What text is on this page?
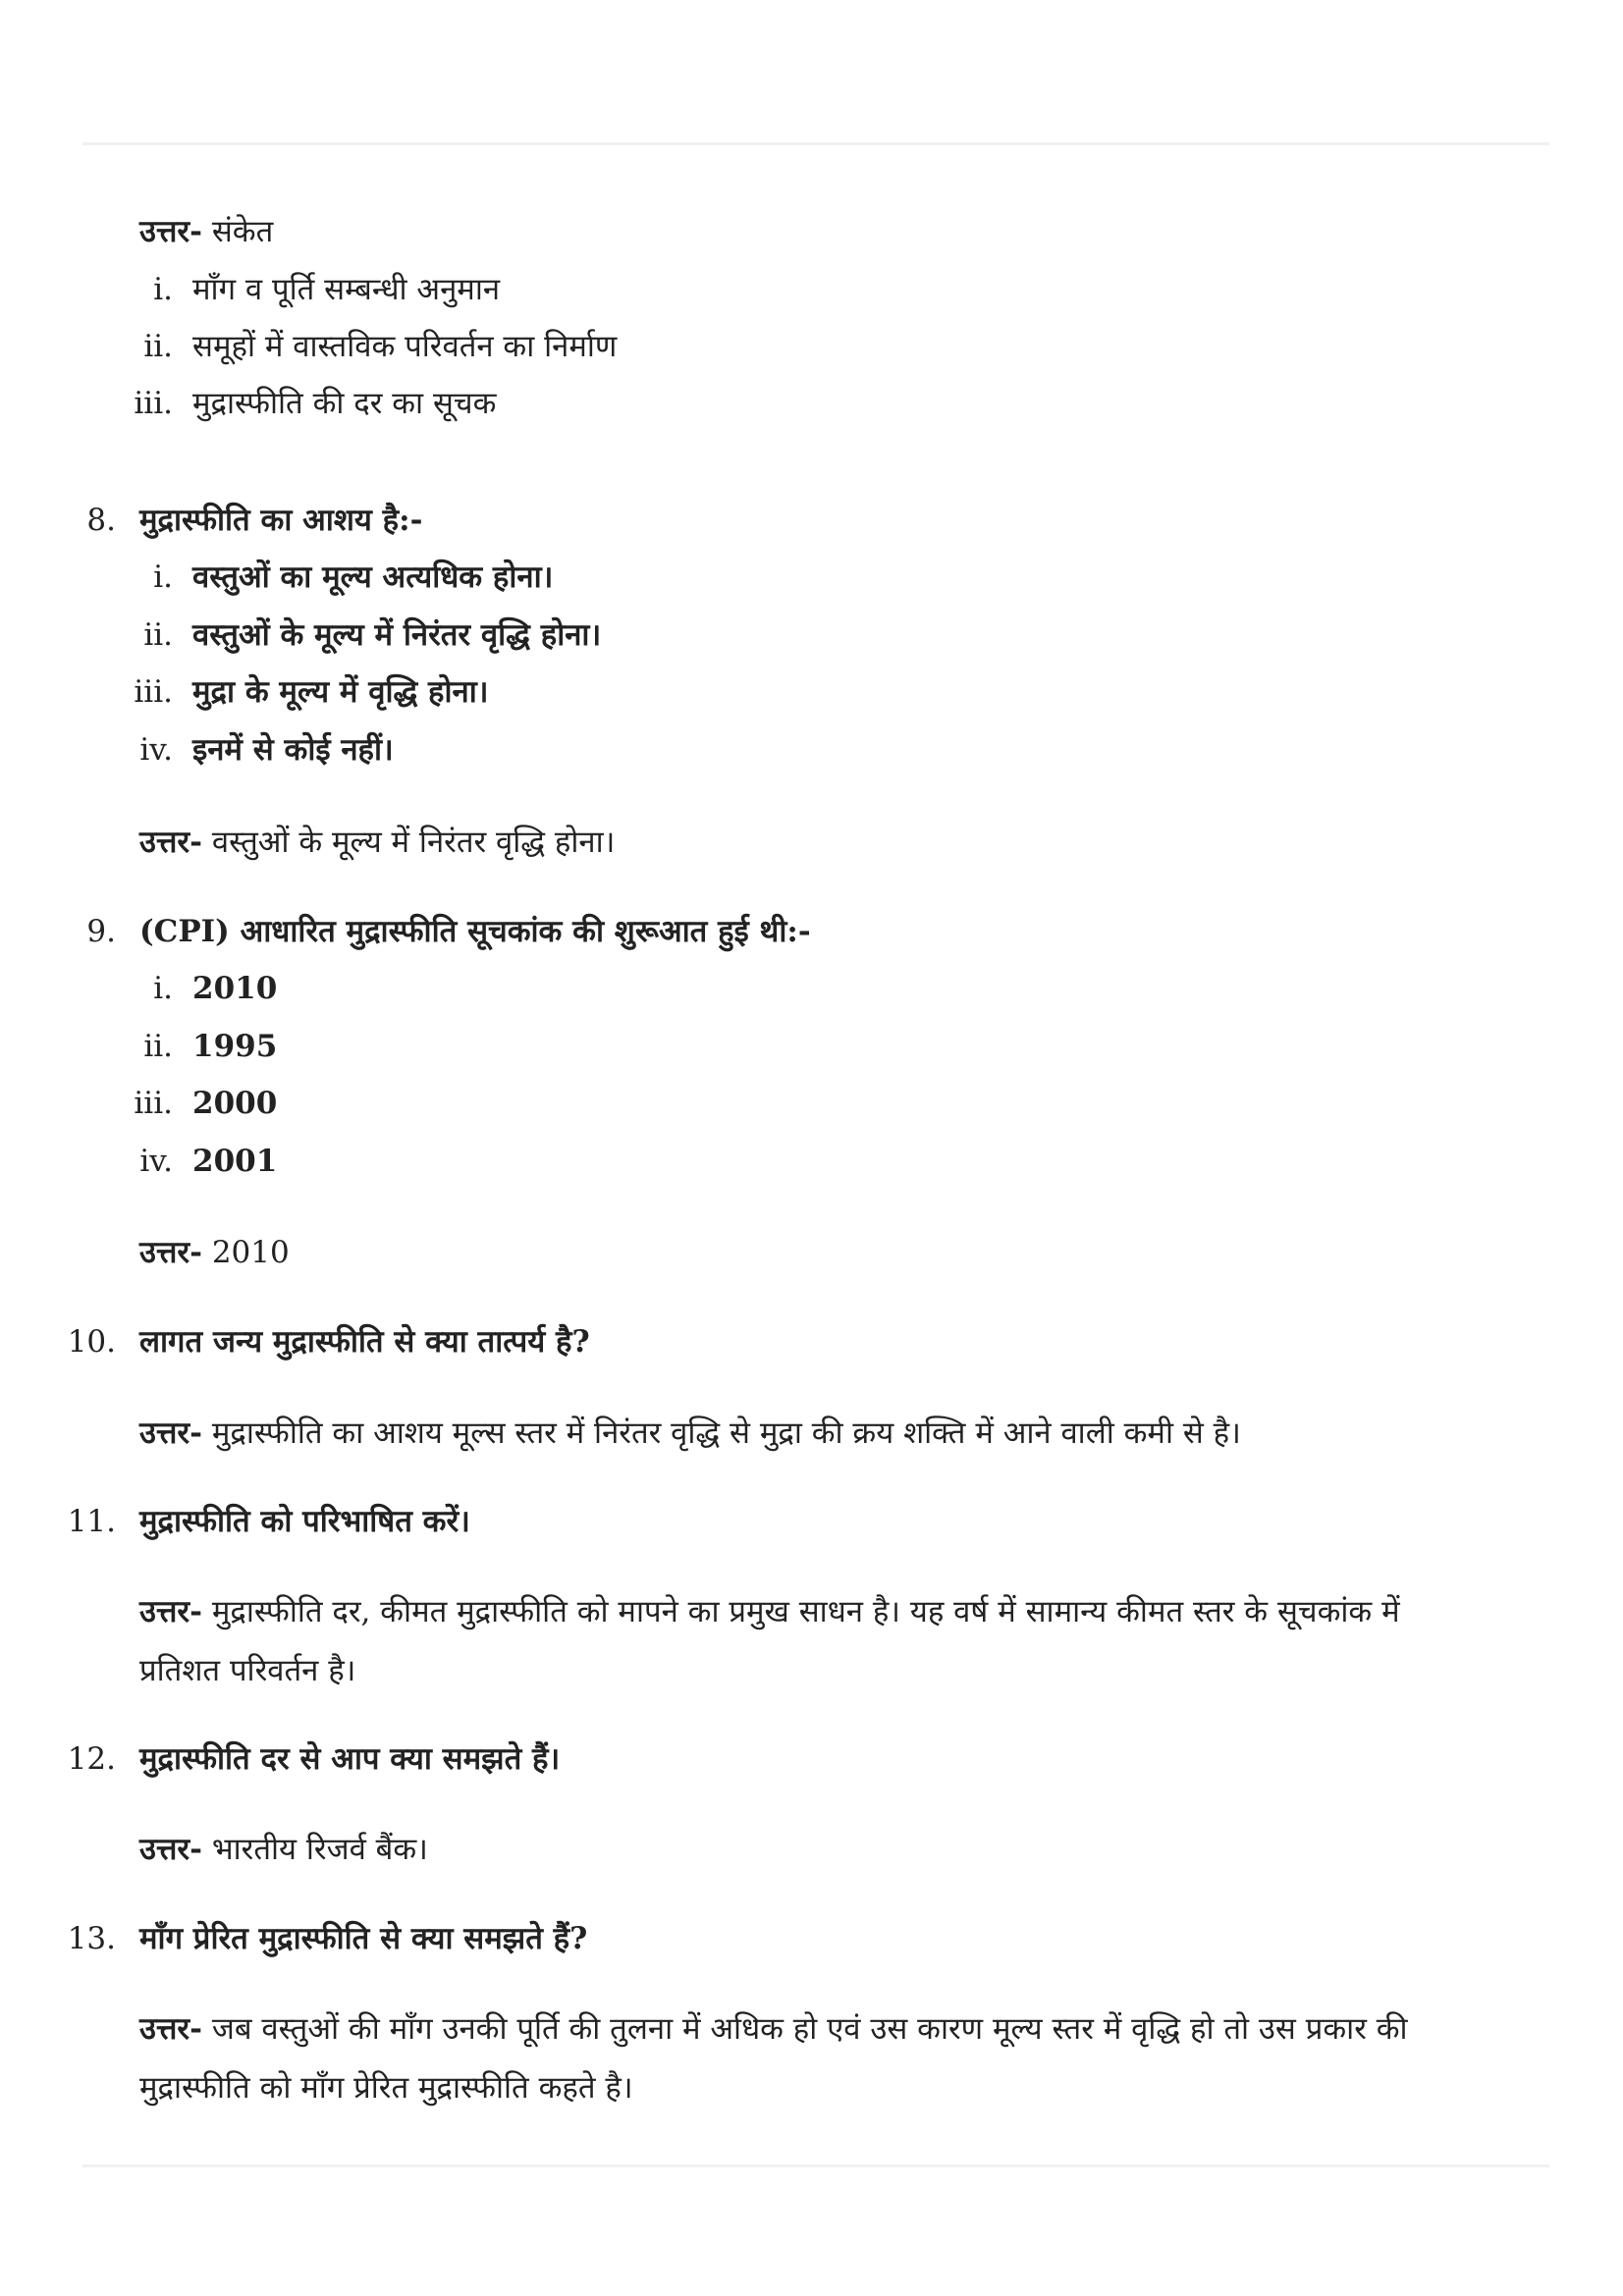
उत्तर- संकेत
i. माँग व पूर्ति सम्बन्धी अनुमान
ii. समूहों में वास्तविक परिवर्तन का निर्माण
iii. मुद्रास्फीति की दर का सूचक
8. मुद्रास्फीति का आशय है:-
i. वस्तुओं का मूल्य अत्यधिक होना।
ii. वस्तुओं के मूल्य में निरंतर वृद्धि होना।
iii. मुद्रा के मूल्य में वृद्धि होना।
iv. इनमें से कोई नहीं।
उत्तर- वस्तुओं के मूल्य में निरंतर वृद्धि होना।
9. (CPI) आधारित मुद्रास्फीति सूचकांक की शुरूआत हुई थी:-
i. 2010
ii. 1995
iii. 2000
iv. 2001
उत्तर- 2010
10. लागत जन्य मुद्रास्फीति से क्या तात्पर्य है?
उत्तर- मुद्रास्फीति का आशय मूल्स स्तर में निरंतर वृद्धि से मुद्रा की क्रय शक्ति में आने वाली कमी से है।
11. मुद्रास्फीति को परिभाषित करें।
उत्तर- मुद्रास्फीति दर, कीमत मुद्रास्फीति को मापने का प्रमुख साधन है। यह वर्ष में सामान्य कीमत स्तर के सूचकांक में
प्रतिशत परिवर्तन है।
12. मुद्रास्फीति दर से आप क्या समझते हैं।
उत्तर- भारतीय रिजर्व बैंक।
13. माँग प्रेरित मुद्रास्फीति से क्या समझते हैं?
उत्तर- जब वस्तुओं की माँग उनकी पूर्ति की तुलना में अधिक हो एवं उस कारण मूल्य स्तर में वृद्धि हो तो उस प्रकार की
मुद्रास्फीति को माँग प्रेरित मुद्रास्फीति कहते है।
